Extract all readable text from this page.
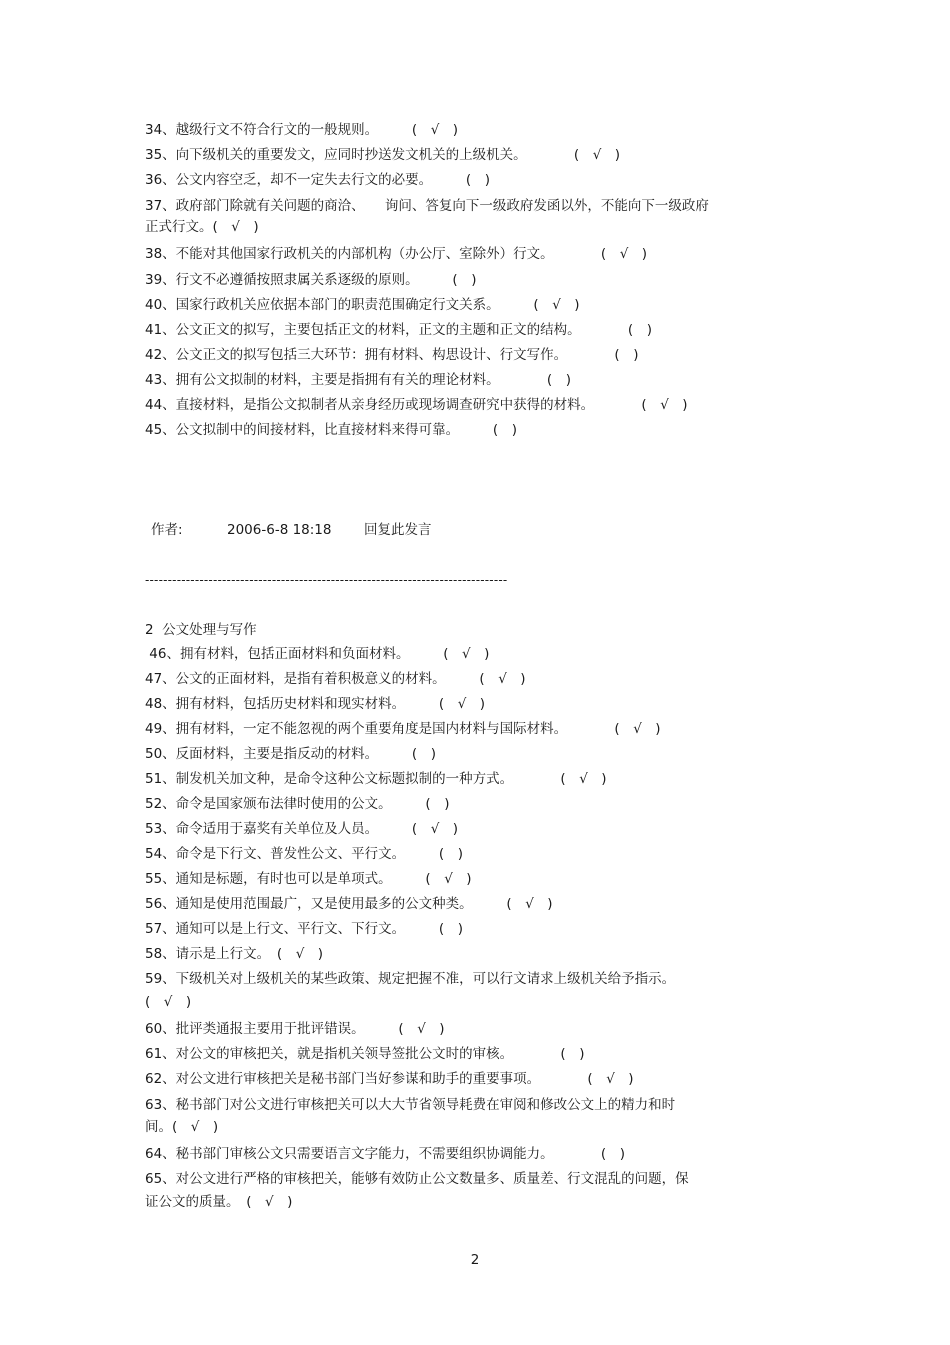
34、越级行文不符合行文的一般规则。　　　(　√　)
35、向下级机关的重要发文，应同时抄送发文机关的上级机关。　　　　(　√　)
36、公文内容空乏，却不一定失去行文的必要。　　　(　)
37、政府部门除就有关问题的商洽、　　询问、答复向下一级政府发函以外，不能向下一级政府
正式行文。(　√　)
38、不能对其他国家行政机关的内部机构（办公厅、室除外）行文。　　　　(　√　)
39、行文不必遵循按照隶属关系逐级的原则。　　　(　)
40、国家行政机关应依据本部门的职责范围确定行文关系。　　　(　√　)
41、公文正文的拟写，主要包括正文的材料，正文的主题和正文的结构。　　　　(　)
42、公文正文的拟写包括三大环节：拥有材料、构思设计、行文写作。　　　　(　)
43、拥有公文拟制的材料，主要是指拥有有关的理论材料。　　　　(　)
44、直接材料，是指公文拟制者从亲身经历或现场调查研究中获得的材料。　　　　(　√　)
45、公文拟制中的间接材料，比直接材料来得可靠。　　　(　)
作者:	2006-6-8 18:18 回复此发言
--------------------------------------------------------------------------------
2  公文处理与写作
46、拥有材料，包括正面材料和负面材料。　　　(　√　)
47、公文的正面材料，是指有着积极意义的材料。　　　(　√　)
48、拥有材料，包括历史材料和现实材料。　　　(　√　)
49、拥有材料，一定不能忽视的两个重要角度是国内材料与国际材料。　　　　(　√　)
50、反面材料，主要是指反动的材料。　　　(　)
51、制发机关加文种，是命令这种公文标题拟制的一种方式。　　　　(　√　)
52、命令是国家颁布法律时使用的公文。　　　(　)
53、命令适用于嘉奖有关单位及人员。　　　(　√　)
54、命令是下行文、普发性公文、平行文。　　　(　)
55、通知是标题，有时也可以是单项式。　　　(　√　)
56、通知是使用范围最广，又是使用最多的公文种类。　　　(　√　)
57、通知可以是上行文、平行文、下行文。　　　(　)
58、请示是上行文。　(　√　)
59、下级机关对上级机关的某些政策、规定把握不准，可以行文请求上级机关给予指示。
(　√　)
60、批评类通报主要用于批评错误。　　　(　√　)
61、对公文的审核把关，就是指机关领导签批公文时的审核。　　　　(　)
62、对公文进行审核把关是秘书部门当好参谋和助手的重要事项。　　　　(　√　)
63、秘书部门对公文进行审核把关可以大大节省领导耗费在审阅和修改公文上的精力和时
间。(　√　)
64、秘书部门审核公文只需要语言文字能力，不需要组织协调能力。　　　　(　)
65、对公文进行严格的审核把关，能够有效防止公文数量多、质量差、行文混乱的问题，保
证公文的质量。　(　√　)
2
